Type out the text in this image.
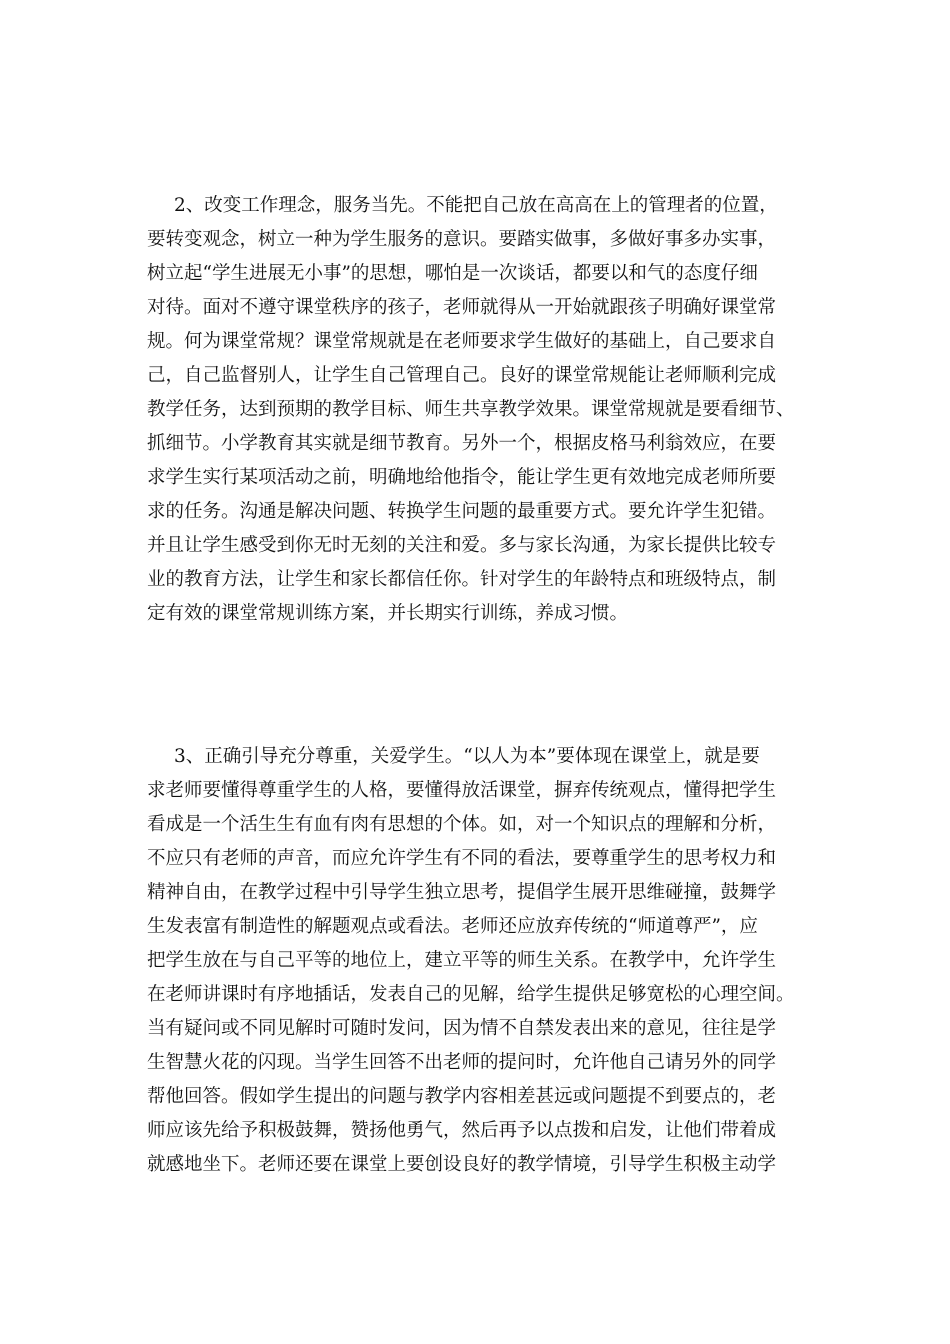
2、改变工作理念，服务当先。不能把自己放在高高在上的管理者的位置，
要转变观念，树立一种为学生服务的意识。要踏实做事，多做好事多办实事，
树立起“学生进展无小事”的思想，哪怕是一次谈话，都要以和气的态度仔细
对待。面对不遵守课堂秩序的孩子，老师就得从一开始就跟孩子明确好课堂常
规。何为课堂常规？课堂常规就是在老师要求学生做好的基础上，自己要求自
己，自己监督别人，让学生自己管理自己。良好的课堂常规能让老师顺利完成
教学任务，达到预期的教学目标、师生共享教学效果。课堂常规就是要看细节、
抓细节。小学教育其实就是细节教育。另外一个，根据皮格马利翁效应，在要
求学生实行某项活动之前，明确地给他指令，能让学生更有效地完成老师所要
求的任务。沟通是解决问题、转换学生问题的最重要方式。要允许学生犯错。
并且让学生感受到你无时无刻的关注和爱。多与家长沟通，为家长提供比较专
业的教育方法，让学生和家长都信任你。针对学生的年龄特点和班级特点，制
定有效的课堂常规训练方案，并长期实行训练，养成习惯。
3、正确引导充分尊重，关爱学生。“以人为本”要体现在课堂上，就是要
求老师要懂得尊重学生的人格，要懂得放活课堂，摒弃传统观点，懂得把学生
看成是一个活生生有血有肉有思想的个体。如，对一个知识点的理解和分析，
不应只有老师的声音，而应允许学生有不同的看法，要尊重学生的思考权力和
精神自由，在教学过程中引导学生独立思考，提倡学生展开思维碰撞，鼓舞学
生发表富有制造性的解题观点或看法。老师还应放弃传统的“师道尊严”，应
把学生放在与自己平等的地位上，建立平等的师生关系。在教学中，允许学生
在老师讲课时有序地插话，发表自己的见解，给学生提供足够宽松的心理空间。
当有疑问或不同见解时可随时发问，因为情不自禁发表出来的意见，往往是学
生智慧火花的闪现。当学生回答不出老师的提问时，允许他自己请另外的同学
帮他回答。假如学生提出的问题与教学内容相差甚远或问题提不到要点的，老
师应该先给予积极鼓舞，赞扬他勇气，然后再予以点拨和启发，让他们带着成
就感地坐下。老师还要在课堂上要创设良好的教学情境，引导学生积极主动学
